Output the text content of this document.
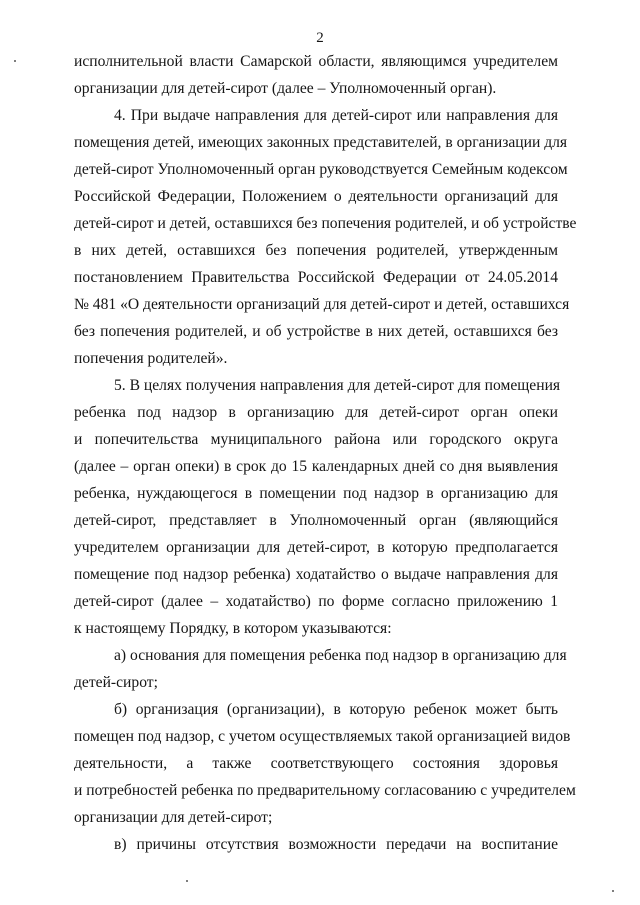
2
исполнительной власти Самарской области, являющимся учредителем
организации для детей-сирот (далее – Уполномоченный орган).
4. При выдаче направления для детей-сирот или направления для
помещения детей, имеющих законных представителей, в организации для
детей-сирот Уполномоченный орган руководствуется Семейным кодексом
Российской Федерации, Положением о деятельности организаций для
детей-сирот и детей, оставшихся без попечения родителей, и об устройстве
в них детей, оставшихся без попечения родителей, утвержденным
постановлением Правительства Российской Федерации от 24.05.2014
№ 481 «О деятельности организаций для детей-сирот и детей, оставшихся
без попечения родителей, и об устройстве в них детей, оставшихся без
попечения родителей».
5. В целях получения направления для детей-сирот для помещения
ребенка под надзор в организацию для детей-сирот орган опеки
и попечительства муниципального района или городского округа
(далее – орган опеки) в срок до 15 календарных дней со дня выявления
ребенка, нуждающегося в помещении под надзор в организацию для
детей-сирот, представляет в Уполномоченный орган (являющийся
учредителем организации для детей-сирот, в которую предполагается
помещение под надзор ребенка) ходатайство о выдаче направления для
детей-сирот (далее – ходатайство) по форме согласно приложению 1
к настоящему Порядку, в котором указываются:
а) основания для помещения ребенка под надзор в организацию для
детей-сирот;
б) организация (организации), в которую ребенок может быть
помещен под надзор, с учетом осуществляемых такой организацией видов
деятельности, а также соответствующего состояния здоровья
и потребностей ребенка по предварительному согласованию с учредителем
организации для детей-сирот;
в) причины отсутствия возможности передачи на воспитание
